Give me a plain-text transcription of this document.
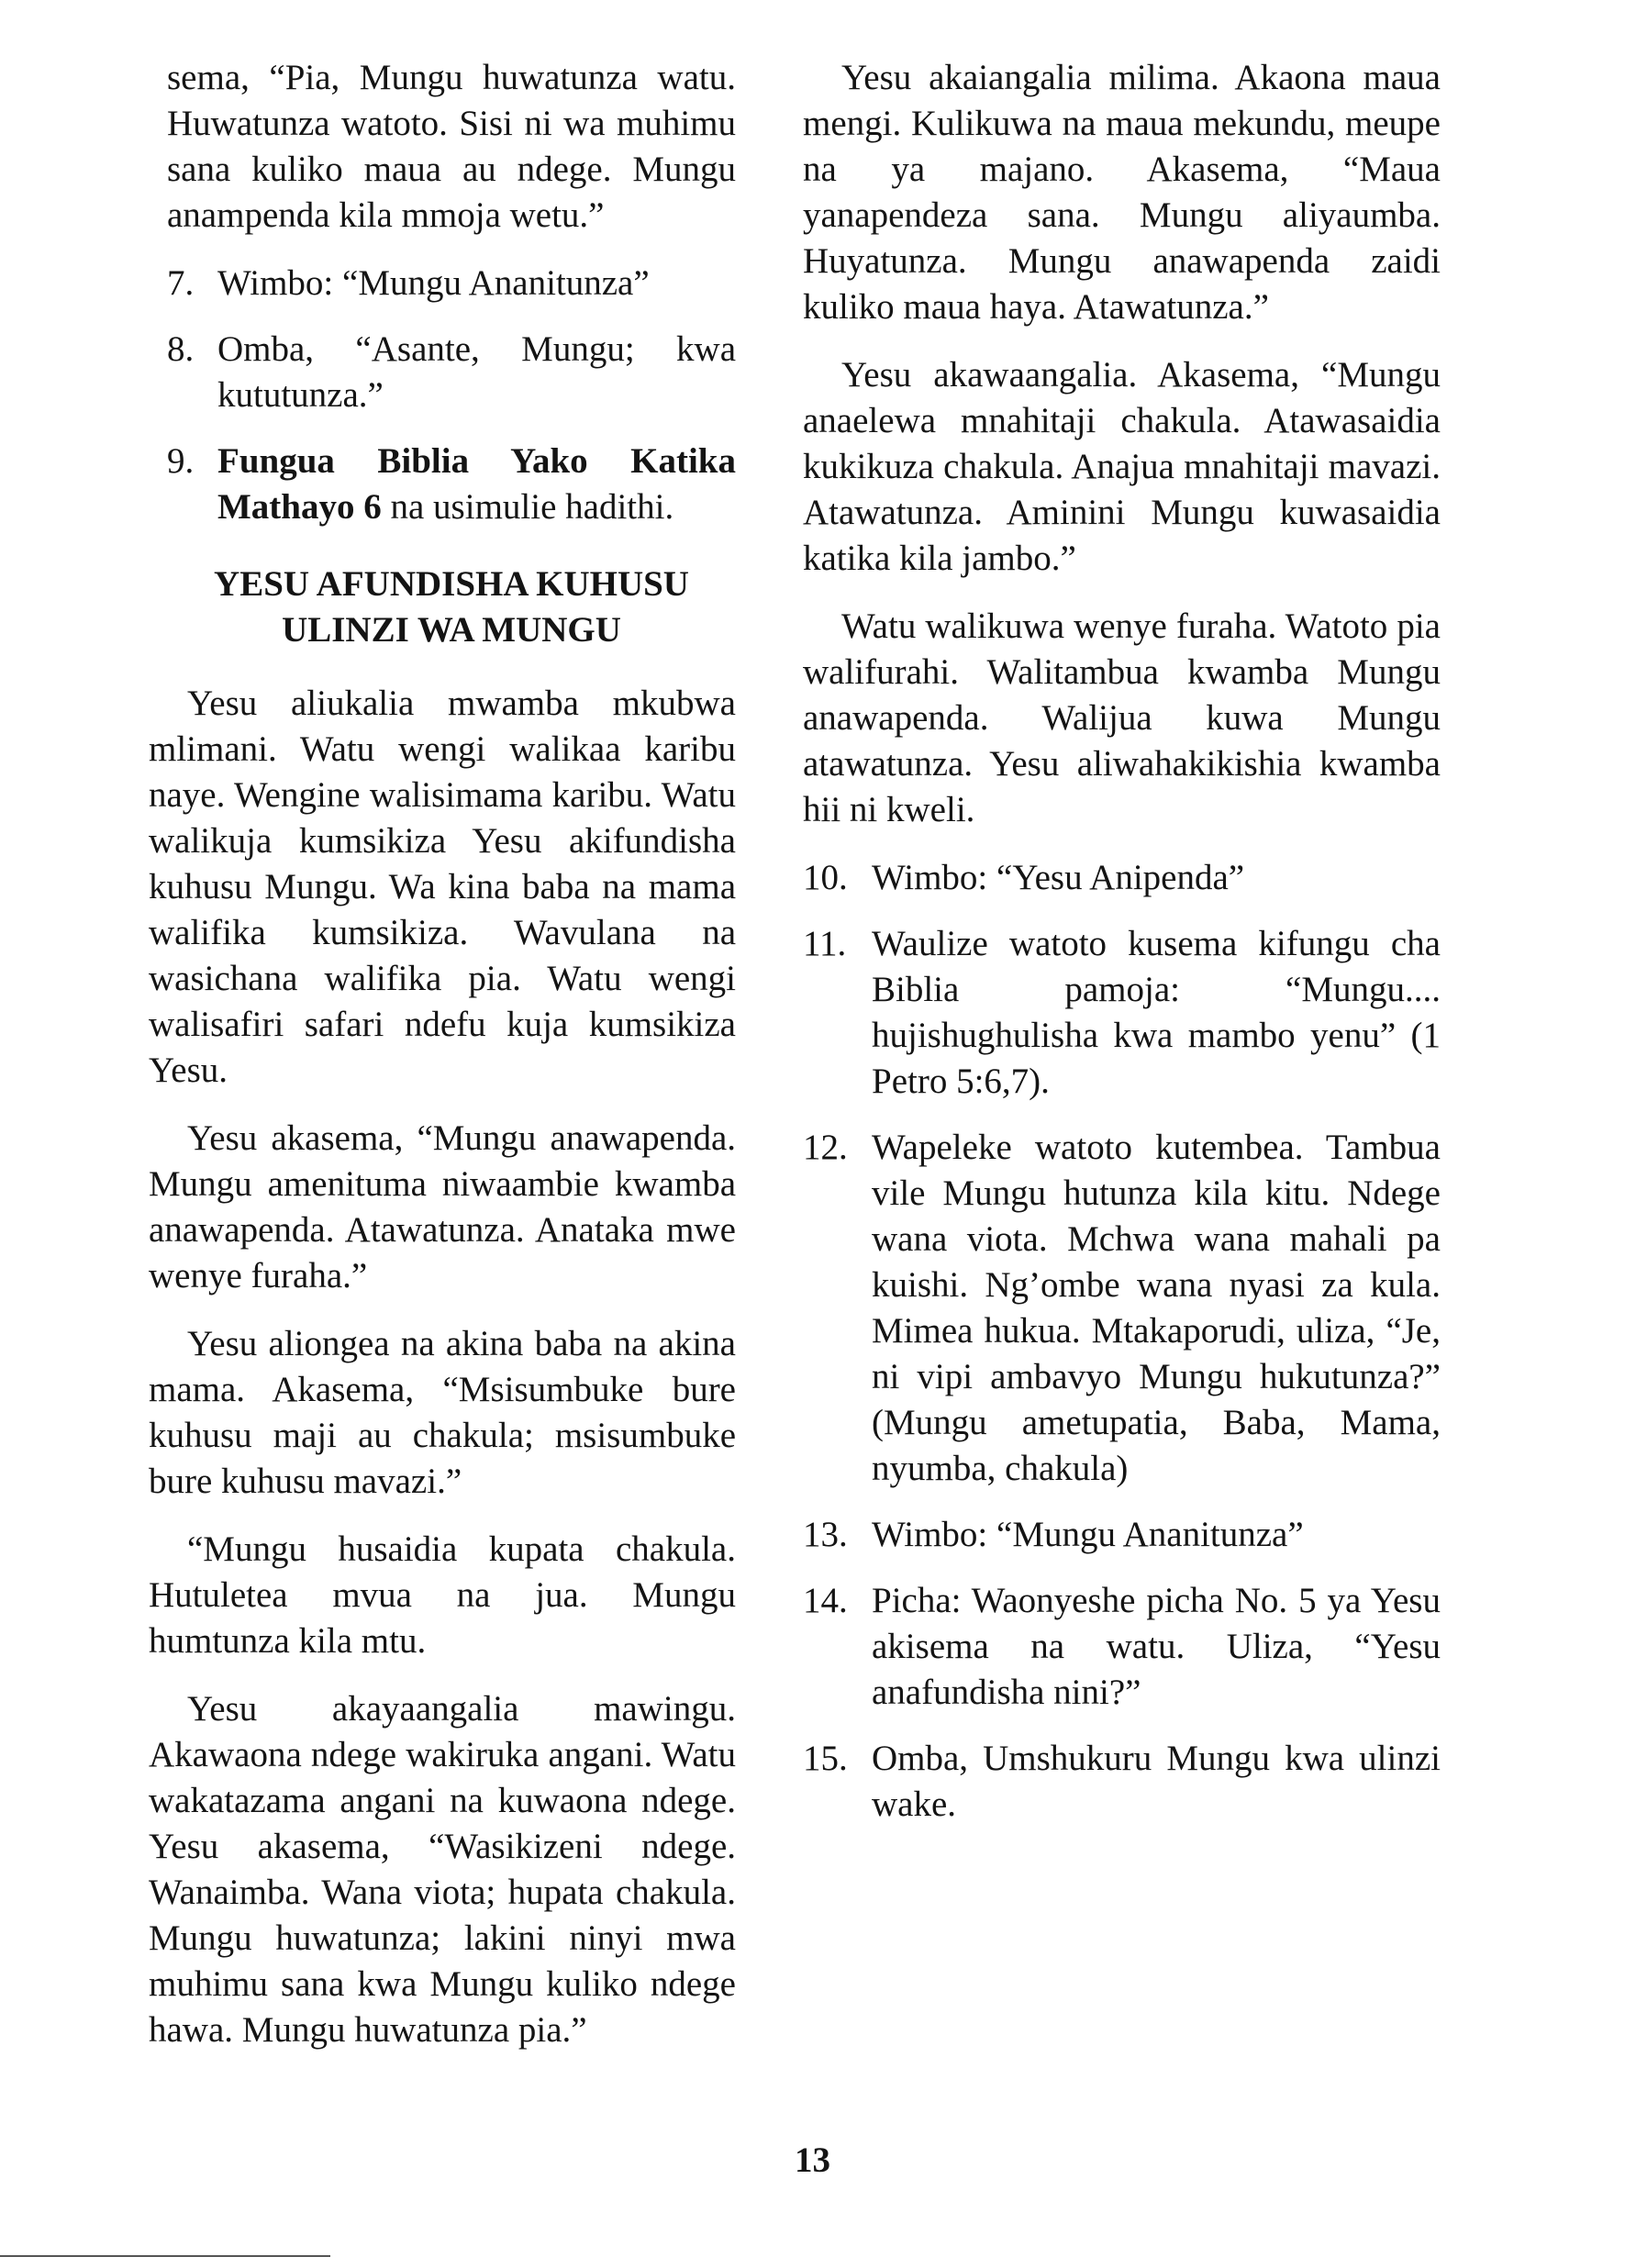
sema, “Pia, Mungu huwatunza watu. Huwatunza watoto. Sisi ni wa muhimu sana kuliko maua au ndege. Mungu anampenda kila mmoja wetu.”

7. Wimbo: “Mungu Ananitunza”
8. Omba, “Asante, Mungu; kwa kututunza.”
9. Fungua Biblia Yako Katika Mathayo 6 na usimulie hadithi.
YESU AFUNDISHA KUHUSU
ULINZI WA MUNGU

Yesu aliukalia mwamba mkubwa mlimani. Watu wengi walikaa karibu naye. Wengine walisimama karibu. Watu walikuja kumsikiza Yesu akifundisha kuhusu Mungu. Wa kina baba na mama walifika kumsikiza. Wavulana na wasichana walifika pia. Watu wengi walisafiri safari ndefu kuja kumsikiza Yesu.

Yesu akasema, “Mungu anawapenda. Mungu amenituma niwaambie kwamba anawapenda. Atawatunza. Anataka mwe wenye furaha.”

Yesu aliongea na akina baba na akina mama. Akasema, “Msisumbuke bure kuhusu maji au chakula; msisumbuke bure kuhusu mavazi.”

“Mungu husaidia kupata chakula. Hutuletea mvua na jua. Mungu humtunza kila mtu.

Yesu akayaangalia mawingu. Akawaona ndege wakiruka angani. Watu wakatazama angani na kuwaona ndege. Yesu akasema, “Wasikizeni ndege. Wanaimba. Wana viota; hupata chakula. Mungu huwatunza; lakini ninyi mwa muhimu sana kwa Mungu kuliko ndege hawa. Mungu huwatunza pia.”

Yesu akaiangalia milima. Akaona maua mengi. Kulikuwa na maua mekundu, meupe na ya majano. Akasema, “Maua yanapendeza sana. Mungu aliyaumba. Huyatunza. Mungu anawapenda zaidi kuliko maua haya. Atawatunza.”

Yesu akawaangalia. Akasema, “Mungu anaelewa mnahitaji chakula. Atawasaidia kukikuza chakula. Anajua mnahitaji mavazi. Atawatunza. Aminini Mungu kuwasaidia katika kila jambo.”

Watu walikuwa wenye furaha. Watoto pia walifurahi. Walitambua kwamba Mungu anawapenda. Walijua kuwa Mungu atawatunza. Yesu aliwahakikishia kwamba hii ni kweli.

10. Wimbo: “Yesu Anipenda”
11. Waulize watoto kusema kifungu cha Biblia pamoja: “Mungu.... hujishughulisha kwa mambo yenu” (1 Petro 5:6,7).
12. Wapeleke watoto kutembea. Tambua vile Mungu hutunza kila kitu. Ndege wana viota. Mchwa wana mahali pa kuishi. Ng’ombe wana nyasi za kula. Mimea hukua. Mtakaporudi, uliza, “Je, ni vipi ambavyo Mungu hukutunza?” (Mungu ametupatia, Baba, Mama, nyumba, chakula)
13. Wimbo: “Mungu Ananitunza”
14. Picha: Waonyeshe picha No. 5 ya Yesu akisema na watu. Uliza, “Yesu anafundisha nini?”
15. Omba, Umshukuru Mungu kwa ulinzi wake.
13
